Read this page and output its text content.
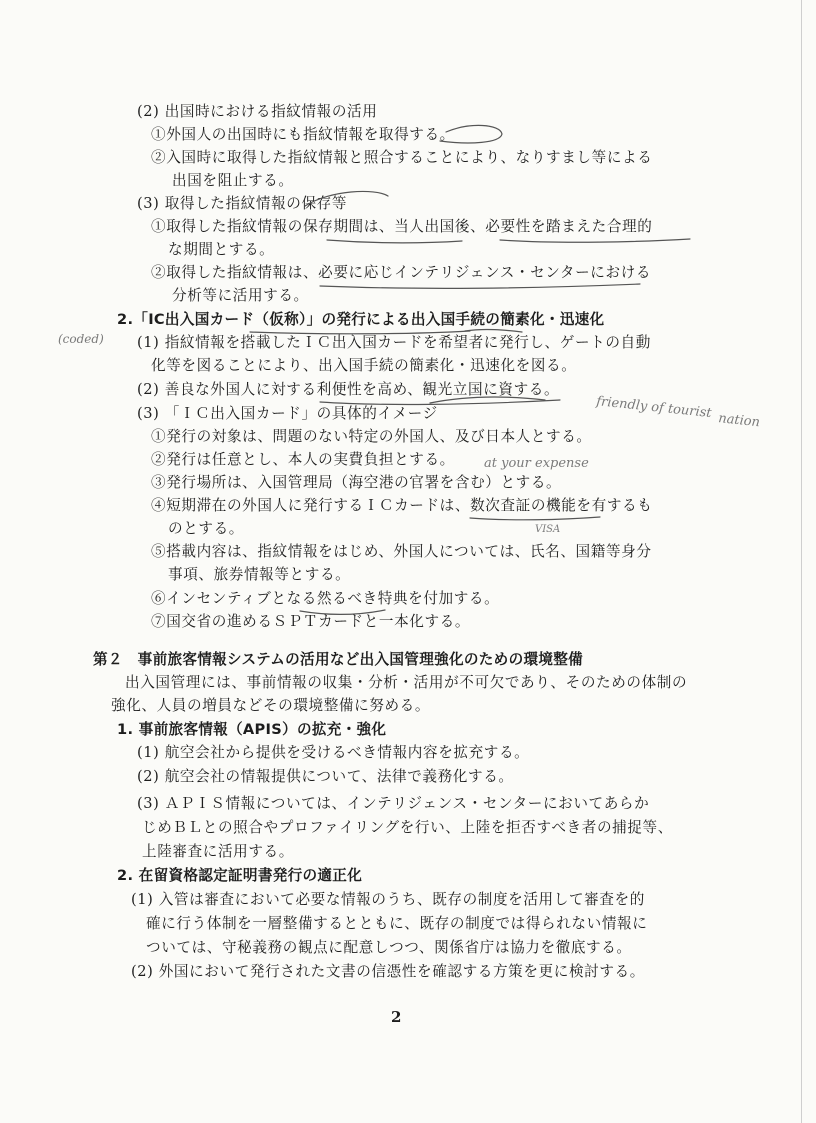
(2) 出国時における指紋情報の活用
①外国人の出国時にも指紋情報を取得する。
②入国時に取得した指紋情報と照合することにより、なりすまし等による
出国を阻止する。
(3) 取得した指紋情報の保存等
①取得した指紋情報の保存期間は、当人出国後、必要性を踏まえた合理的
な期間とする。
②取得した指紋情報は、必要に応じインテリジェンス・センターにおける
分析等に活用する。
2.「IC出入国カード（仮称）」の発行による出入国手続の簡素化・迅速化
(1) 指紋情報を搭載したＩＣ出入国カードを希望者に発行し、ゲートの自動
化等を図ることにより、出入国手続の簡素化・迅速化を図る。
(2) 善良な外国人に対する利便性を高め、観光立国に資する。
(3) 「ＩＣ出入国カード」の具体的イメージ
①発行の対象は、問題のない特定の外国人、及び日本人とする。
②発行は任意とし、本人の実費負担とする。
③発行場所は、入国管理局（海空港の官署を含む）とする。
④短期滞在の外国人に発行するＩＣカードは、数次査証の機能を有するも
のとする。
⑤搭載内容は、指紋情報をはじめ、外国人については、氏名、国籍等身分
事項、旅券情報等とする。
⑥インセンティブとなる然るべき特典を付加する。
⑦国交省の進めるＳＰＴカードと一本化する。
第２　事前旅客情報システムの活用など出入国管理強化のための環境整備
出入国管理には、事前情報の収集・分析・活用が不可欠であり、そのための体制の
強化、人員の増員などその環境整備に努める。
1. 事前旅客情報（APIS）の拡充・強化
(1) 航空会社から提供を受けるべき情報内容を拡充する。
(2) 航空会社の情報提供について、法律で義務化する。
(3) ＡＰＩＳ情報については、インテリジェンス・センターにおいてあらか
じめＢＬとの照合やプロファイリングを行い、上陸を拒否すべき者の捕捉等、
上陸審査に活用する。
2. 在留資格認定証明書発行の適正化
(1) 入管は審査において必要な情報のうち、既存の制度を活用して審査を的
確に行う体制を一層整備するとともに、既存の制度では得られない情報に
ついては、守秘義務の観点に配意しつつ、関係省庁は協力を徹底する。
(2) 外国において発行された文書の信憑性を確認する方策を更に検討する。
2
(coded)
friendly of tourist nation
at your expense
VISA
